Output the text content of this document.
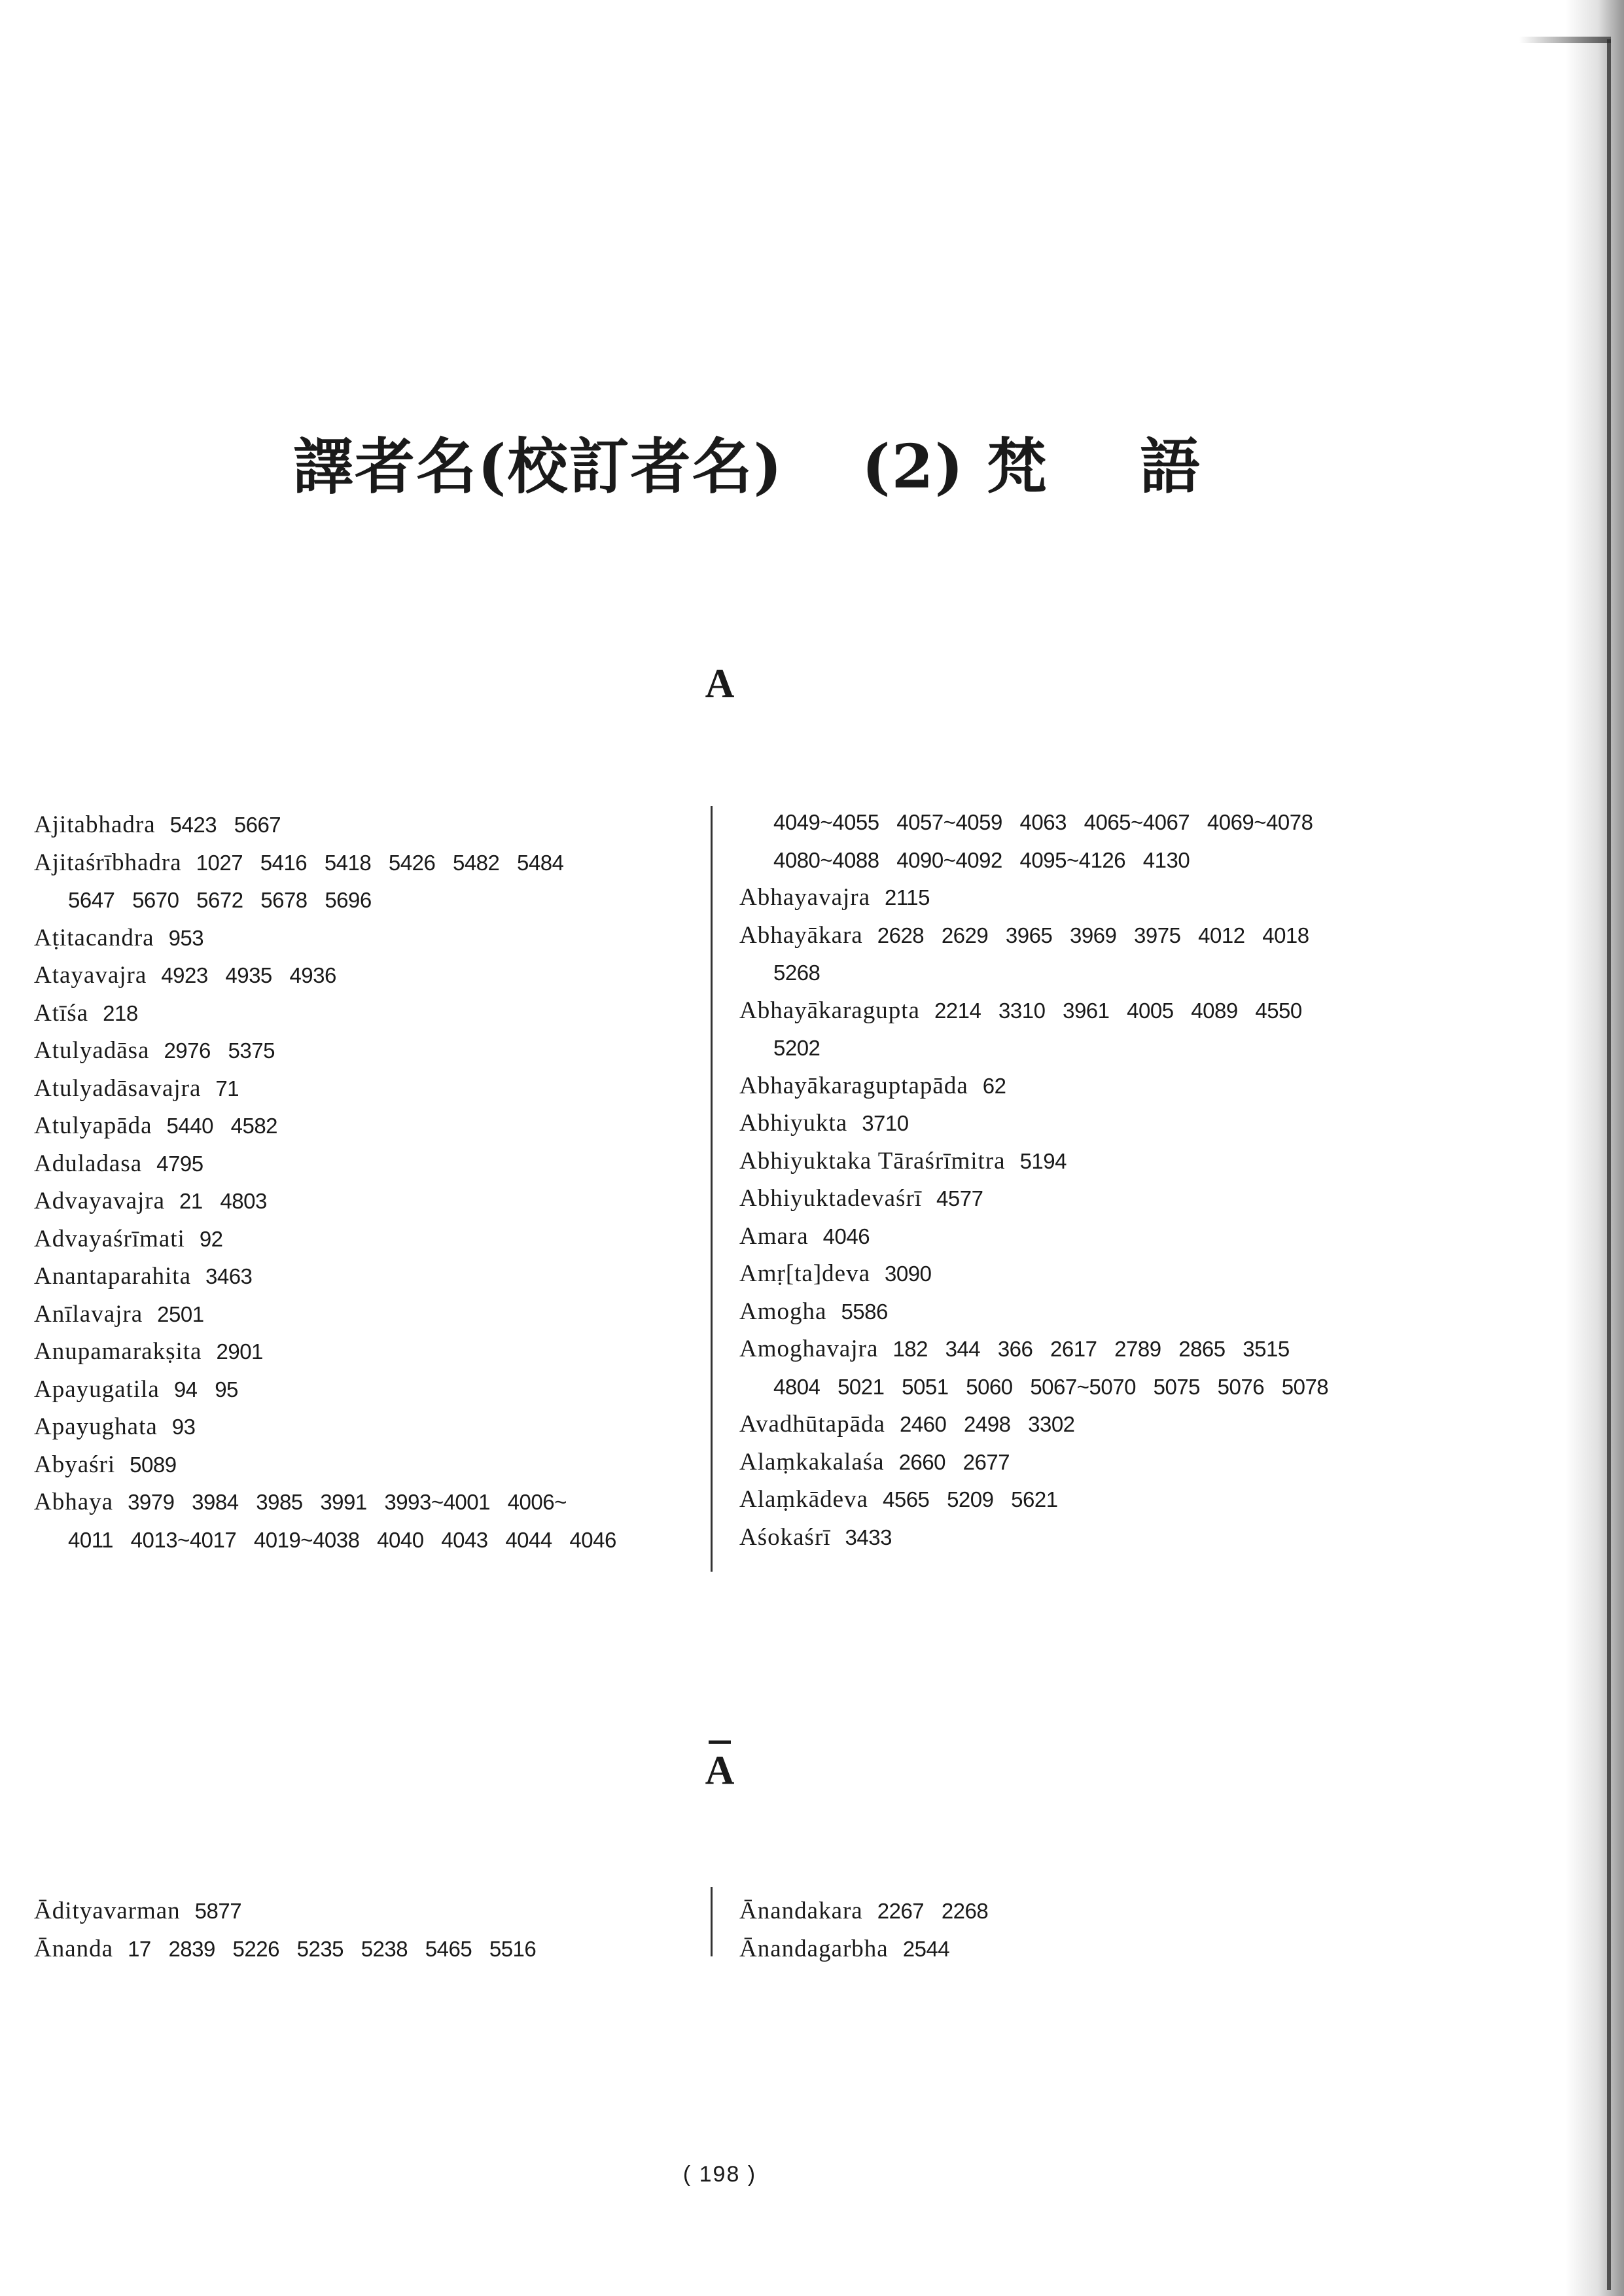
譯者名(校訂者名) (2) 梵 語
A
Ajitabhadra 5423 5667
Ajitaśrībhadra 1027 5416 5418 5426 5482 5484
5647 5670 5672 5678 5696
Aṭitacandra 953
Atayavajra 4923 4935 4936
Atīśa 218
Atulyadāsa 2976 5375
Atulyadāsavajra 71
Atulyapāda 5440 4582
Aduladasa 4795
Advayavajra 21 4803
Advayaśrīmati 92
Anantaparahita 3463
Anīlavajra 2501
Anupamarakṣita 2901
Apayugatila 94 95
Apayughata 93
Abyaśri 5089
Abhaya 3979 3984 3985 3991 3993~4001 4006~
4011 4013~4017 4019~4038 4040 4043 4044 4046
4049~4055 4057~4059 4063 4065~4067 4069~4078
4080~4088 4090~4092 4095~4126 4130
Abhayavajra 2115
Abhayākara 2628 2629 3965 3969 3975 4012 4018
5268
Abhayākaragupta 2214 3310 3961 4005 4089 4550
5202
Abhayākaraguptapāda 62
Abhiyukta 3710
Abhiyuktaka Tāraśrīmitra 5194
Abhiyuktadevaśrī 4577
Amara 4046
Amṛ[ta]deva 3090
Amogha 5586
Amoghavajra 182 344 366 2617 2789 2865 3515
4804 5021 5051 5060 5067~5070 5075 5076 5078
Avadhūtapāda 2460 2498 3302
Alaṃkakalaśa 2660 2677
Alaṃkādeva 4565 5209 5621
Aśokaśrī 3433
A
Ādityavarman 5877
Ānanda 17 2839 5226 5235 5238 5465 5516
Ānandakara 2267 2268
Ānandagarbha 2544
( 198 )
